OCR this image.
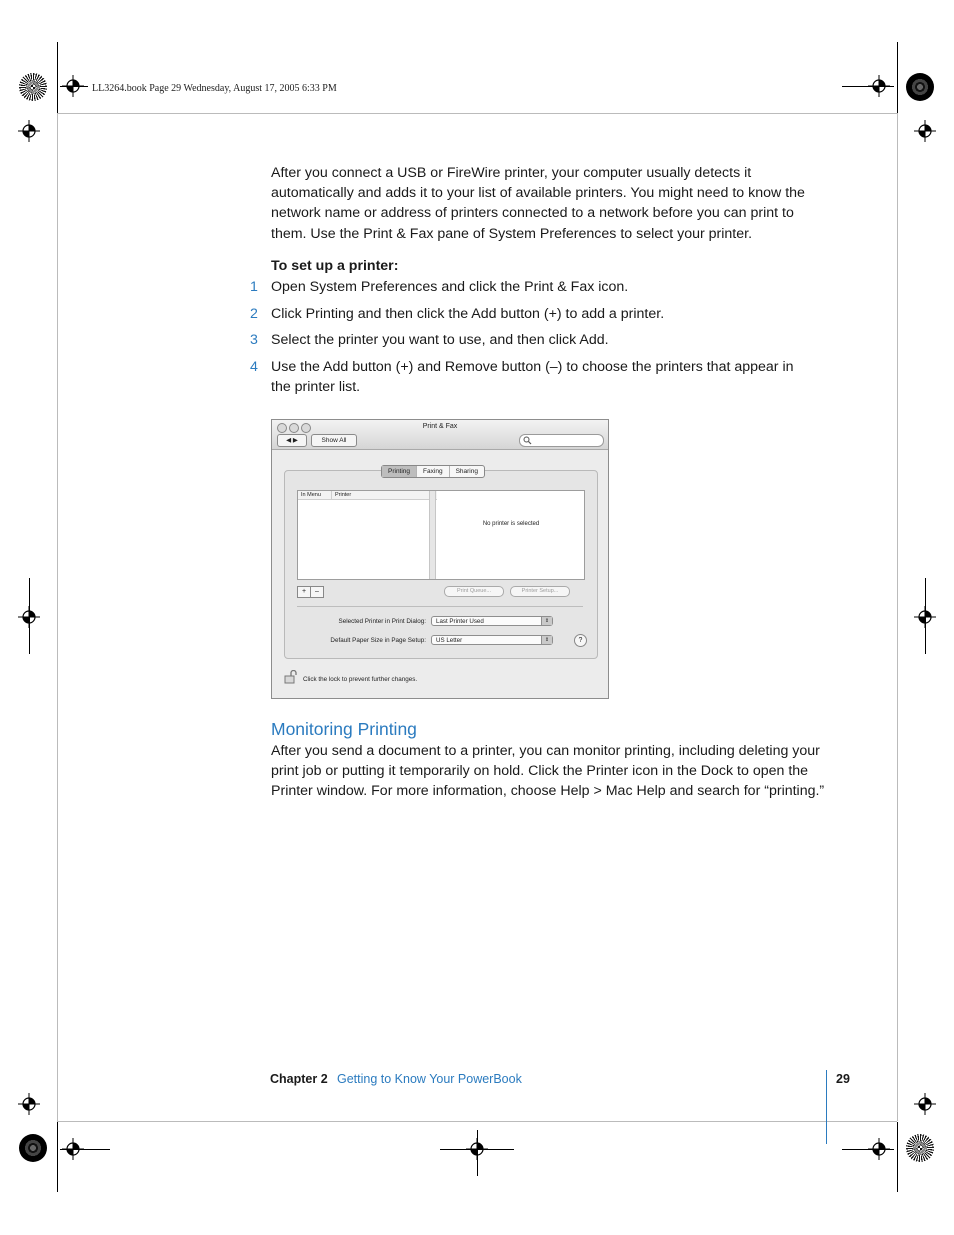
LL3264.book Page 29 Wednesday, August 17, 2005 6:33 PM
After you connect a USB or FireWire printer, your computer usually detects it automatically and adds it to your list of available printers. You might need to know the network name or address of printers connected to a network before you can print to them. Use the Print & Fax pane of System Preferences to select your printer.
To set up a printer:
1 Open System Preferences and click the Print & Fax icon.
2 Click Printing and then click the Add button (+) to add a printer.
3 Select the printer you want to use, and then click Add.
4 Use the Add button (+) and Remove button (–) to choose the printers that appear in the printer list.
Print & Fax
◀ ▶	Show All
Printing	Faxing	Sharing
In Menu	Printer
No printer is selected
+	–	Print Queue...	Printer Setup...
Selected Printer in Print Dialog:	Last Printer Used	⇕
Default Paper Size in Page Setup:	US Letter	⇕	?
Click the lock to prevent further changes.
Monitoring Printing
After you send a document to a printer, you can monitor printing, including deleting your print job or putting it temporarily on hold. Click the Printer icon in the Dock to open the Printer window. For more information, choose Help > Mac Help and search for “printing.”
Chapter 2 Getting to Know Your PowerBook	29
